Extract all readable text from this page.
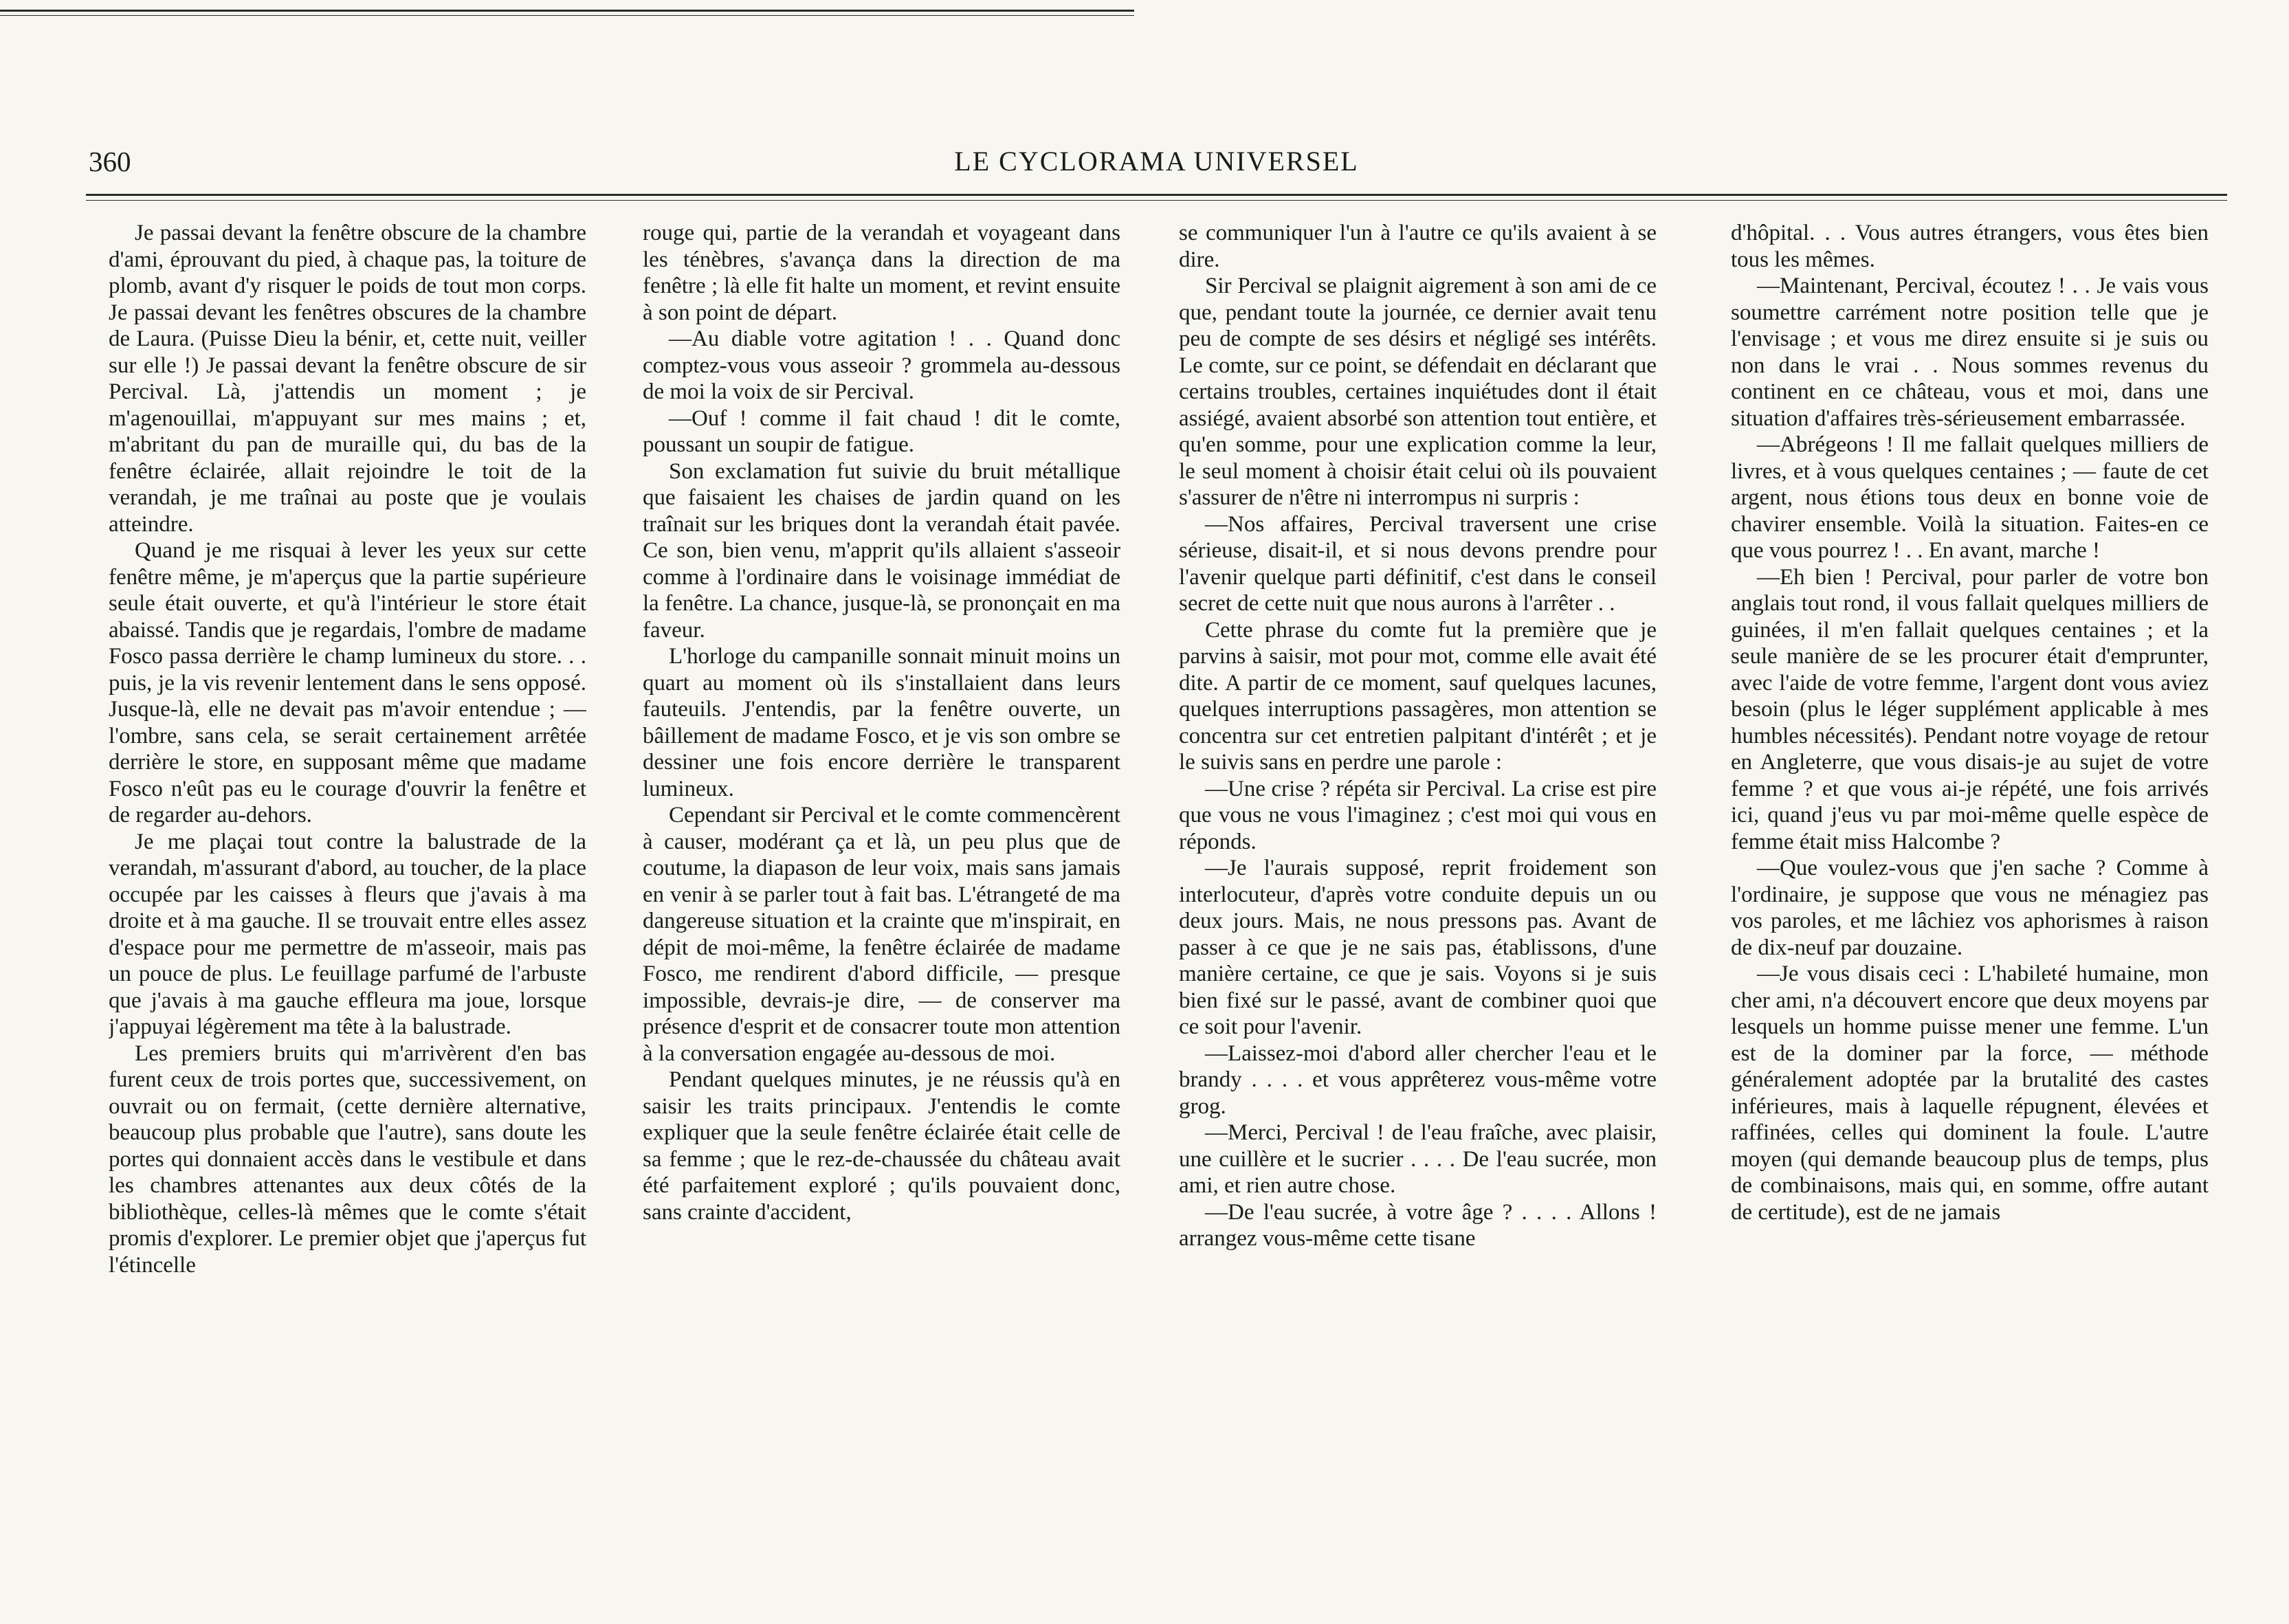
360	LE CYCLORAMA UNIVERSEL

Je passai devant la fenêtre obscure de la chambre d'ami, éprouvant du pied, à chaque pas, la toiture de plomb, avant d'y risquer le poids de tout mon corps. Je passai devant les fenêtres obscures de la chambre de Laura. (Puisse Dieu la bénir, et, cette nuit, veiller sur elle !) Je passai devant la fenêtre obscure de sir Percival. Là, j'attendis un moment ; je m'agenouillai, m'appuyant sur mes mains ; et, m'abritant du pan de muraille qui, du bas de la fenêtre éclairée, allait rejoindre le toit de la verandah, je me traînai au poste que je voulais atteindre.

Quand je me risquai à lever les yeux sur cette fenêtre même, je m'aperçus que la partie supérieure seule était ouverte, et qu'à l'intérieur le store était abaissé. Tandis que je regardais, l'ombre de madame Fosco passa derrière le champ lumineux du store. . . puis, je la vis revenir lentement dans le sens opposé. Jusque-là, elle ne devait pas m'avoir entendue ; — l'ombre, sans cela, se serait certainement arrêtée derrière le store, en supposant même que madame Fosco n'eût pas eu le courage d'ouvrir la fenêtre et de regarder au-dehors.

Je me plaçai tout contre la balustrade de la verandah, m'assurant d'abord, au toucher, de la place occupée par les caisses à fleurs que j'avais à ma droite et à ma gauche. Il se trouvait entre elles assez d'espace pour me permettre de m'asseoir, mais pas un pouce de plus. Le feuillage parfumé de l'arbuste que j'avais à ma gauche effleura ma joue, lorsque j'appuyai légèrement ma tête à la balustrade.

Les premiers bruits qui m'arrivèrent d'en bas furent ceux de trois portes que, successivement, on ouvrait ou on fermait, (cette dernière alternative, beaucoup plus probable que l'autre), sans doute les portes qui donnaient accès dans le vestibule et dans les chambres attenantes aux deux côtés de la bibliothèque, celles-là mêmes que le comte s'était promis d'explorer. Le premier objet que j'aperçus fut l'étincelle

rouge qui, partie de la verandah et voyageant dans les ténèbres, s'avança dans la direction de ma fenêtre ; là elle fit halte un moment, et revint ensuite à son point de départ.

—Au diable votre agitation ! . . Quand donc comptez-vous vous asseoir ? grommela au-dessous de moi la voix de sir Percival.

—Ouf ! comme il fait chaud ! dit le comte, poussant un soupir de fatigue.

Son exclamation fut suivie du bruit métallique que faisaient les chaises de jardin quand on les traînait sur les briques dont la verandah était pavée. Ce son, bien venu, m'apprit qu'ils allaient s'asseoir comme à l'ordinaire dans le voisinage immédiat de la fenêtre. La chance, jusque-là, se prononçait en ma faveur.

L'horloge du campanille sonnait minuit moins un quart au moment où ils s'installaient dans leurs fauteuils. J'entendis, par la fenêtre ouverte, un bâillement de madame Fosco, et je vis son ombre se dessiner une fois encore derrière le transparent lumineux.

Cependant sir Percival et le comte commencèrent à causer, modérant ça et là, un peu plus que de coutume, la diapason de leur voix, mais sans jamais en venir à se parler tout à fait bas. L'étrangeté de ma dangereuse situation et la crainte que m'inspirait, en dépit de moi-même, la fenêtre éclairée de madame Fosco, me rendirent d'abord difficile, — presque impossible, devrais-je dire, — de conserver ma présence d'esprit et de consacrer toute mon attention à la conversation engagée au-dessous de moi.

Pendant quelques minutes, je ne réussis qu'à en saisir les traits principaux. J'entendis le comte expliquer que la seule fenêtre éclairée était celle de sa femme ; que le rez-de-chaussée du château avait été parfaitement exploré ; qu'ils pouvaient donc, sans crainte d'accident,

se communiquer l'un à l'autre ce qu'ils avaient à se dire.

Sir Percival se plaignit aigrement à son ami de ce que, pendant toute la journée, ce dernier avait tenu peu de compte de ses désirs et négligé ses intérêts. Le comte, sur ce point, se défendait en déclarant que certains troubles, certaines inquiétudes dont il était assiégé, avaient absorbé son attention tout entière, et qu'en somme, pour une explication comme la leur, le seul moment à choisir était celui où ils pouvaient s'assurer de n'être ni interrompus ni surpris :

—Nos affaires, Percival traversent une crise sérieuse, disait-il, et si nous devons prendre pour l'avenir quelque parti définitif, c'est dans le conseil secret de cette nuit que nous aurons à l'arrêter . .

Cette phrase du comte fut la première que je parvins à saisir, mot pour mot, comme elle avait été dite. A partir de ce moment, sauf quelques lacunes, quelques interruptions passagères, mon attention se concentra sur cet entretien palpitant d'intérêt ; et je le suivis sans en perdre une parole :

—Une crise ? répéta sir Percival. La crise est pire que vous ne vous l'imaginez ; c'est moi qui vous en réponds.

—Je l'aurais supposé, reprit froidement son interlocuteur, d'après votre conduite depuis un ou deux jours. Mais, ne nous pressons pas. Avant de passer à ce que je ne sais pas, établissons, d'une manière certaine, ce que je sais. Voyons si je suis bien fixé sur le passé, avant de combiner quoi que ce soit pour l'avenir.

—Laissez-moi d'abord aller chercher l'eau et le brandy . . . . et vous apprêterez vous-même votre grog.

—Merci, Percival ! de l'eau fraîche, avec plaisir, une cuillère et le sucrier . . . . De l'eau sucrée, mon ami, et rien autre chose.

—De l'eau sucrée, à votre âge ? . . . . Allons ! arrangez vous-même cette tisane

d'hôpital. . . Vous autres étrangers, vous êtes bien tous les mêmes.

—Maintenant, Percival, écoutez ! . . Je vais vous soumettre carrément notre position telle que je l'envisage ; et vous me direz ensuite si je suis ou non dans le vrai . . Nous sommes revenus du continent en ce château, vous et moi, dans une situation d'affaires très-sérieusement embarrassée.

—Abrégeons ! Il me fallait quelques milliers de livres, et à vous quelques centaines ; — faute de cet argent, nous étions tous deux en bonne voie de chavirer ensemble. Voilà la situation. Faites-en ce que vous pourrez ! . . En avant, marche !

—Eh bien ! Percival, pour parler de votre bon anglais tout rond, il vous fallait quelques milliers de guinées, il m'en fallait quelques centaines ; et la seule manière de se les procurer était d'emprunter, avec l'aide de votre femme, l'argent dont vous aviez besoin (plus le léger supplément applicable à mes humbles nécessités). Pendant notre voyage de retour en Angleterre, que vous disais-je au sujet de votre femme ? et que vous ai-je répété, une fois arrivés ici, quand j'eus vu par moi-même quelle espèce de femme était miss Halcombe ?

—Que voulez-vous que j'en sache ? Comme à l'ordinaire, je suppose que vous ne ménagiez pas vos paroles, et me lâchiez vos aphorismes à raison de dix-neuf par douzaine.

—Je vous disais ceci : L'habileté humaine, mon cher ami, n'a découvert encore que deux moyens par lesquels un homme puisse mener une femme. L'un est de la dominer par la force, — méthode généralement adoptée par la brutalité des castes inférieures, mais à laquelle répugnent, élevées et raffinées, celles qui dominent la foule. L'autre moyen (qui demande beaucoup plus de temps, plus de combinaisons, mais qui, en somme, offre autant de certitude), est de ne jamais
